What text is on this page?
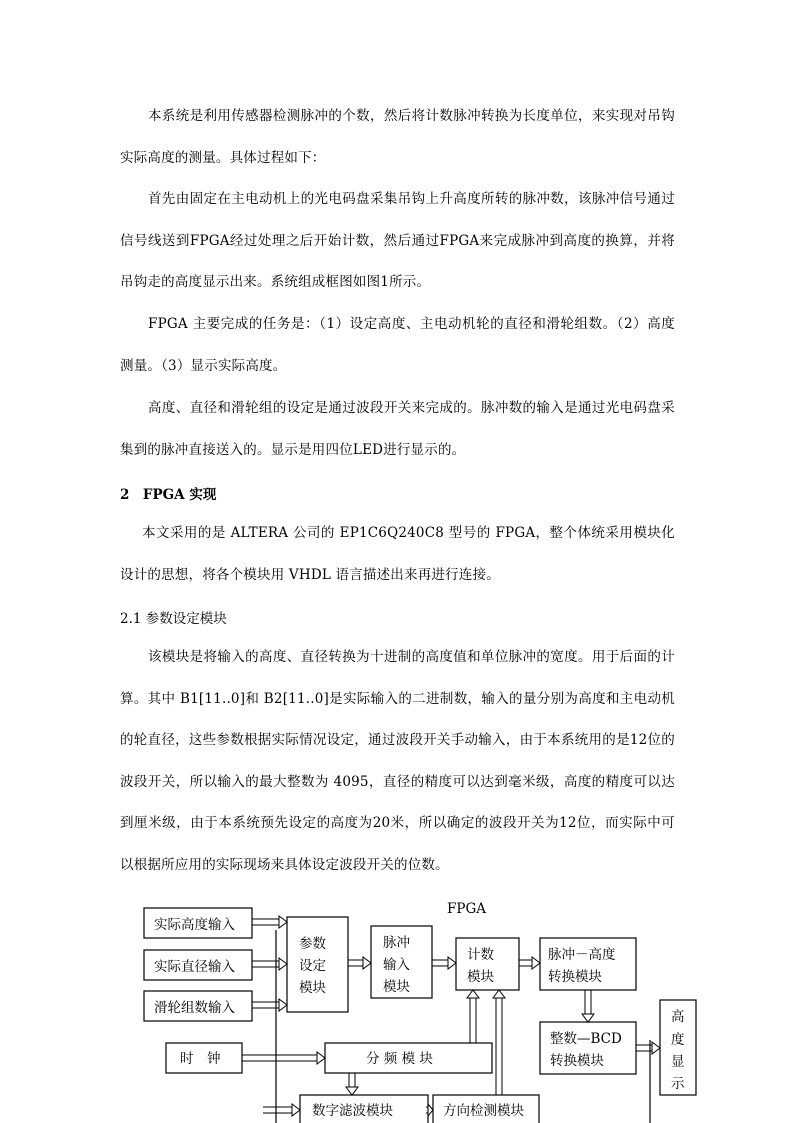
本系统是利用传感器检测脉冲的个数，然后将计数脉冲转换为长度单位，来实现对吊钩实际高度的测量。具体过程如下：

首先由固定在主电动机上的光电码盘采集吊钩上升高度所转的脉冲数，该脉冲信号通过信号线送到FPGA经过处理之后开始计数，然后通过FPGA来完成脉冲到高度的换算，并将吊钩走的高度显示出来。系统组成框图如图1所示。

FPGA 主要完成的任务是：（1）设定高度、主电动机轮的直径和滑轮组数。（2）高度测量。（3）显示实际高度。

高度、直径和滑轮组的设定是通过波段开关来完成的。脉冲数的输入是通过光电码盘采集到的脉冲直接送入的。显示是用四位LED进行显示的。

2　FPGA 实现

本文采用的是 ALTERA 公司的 EP1C6Q240C8 型号的 FPGA，整个体统采用模块化设计的思想，将各个模块用 VHDL 语言描述出来再进行连接。

2.1 参数设定模块

该模块是将输入的高度、直径转换为十进制的高度值和单位脉冲的宽度。用于后面的计算。其中 B1[11..0]和 B2[11..0]是实际输入的二进制数，输入的量分别为高度和主电动机的轮直径，这些参数根据实际情况设定，通过波段开关手动输入，由于本系统用的是12位的波段开关，所以输入的最大整数为 4095，直径的精度可以达到毫米级，高度的精度可以达到厘米级，由于本系统预先设定的高度为20米，所以确定的波段开关为12位，而实际中可以根据所应用的实际现场来具体设定波段开关的位数。

FPGA
实际高度输入
实际直径输入
滑轮组数输入
参数
设定
模块
脉冲
输入
模块
计数
模块
脉冲－高度
转换模块
整数—BCD
转换模块
高
度
显
示
时　钟	分 频 模 块
数字滤波模块	方向检测模块
